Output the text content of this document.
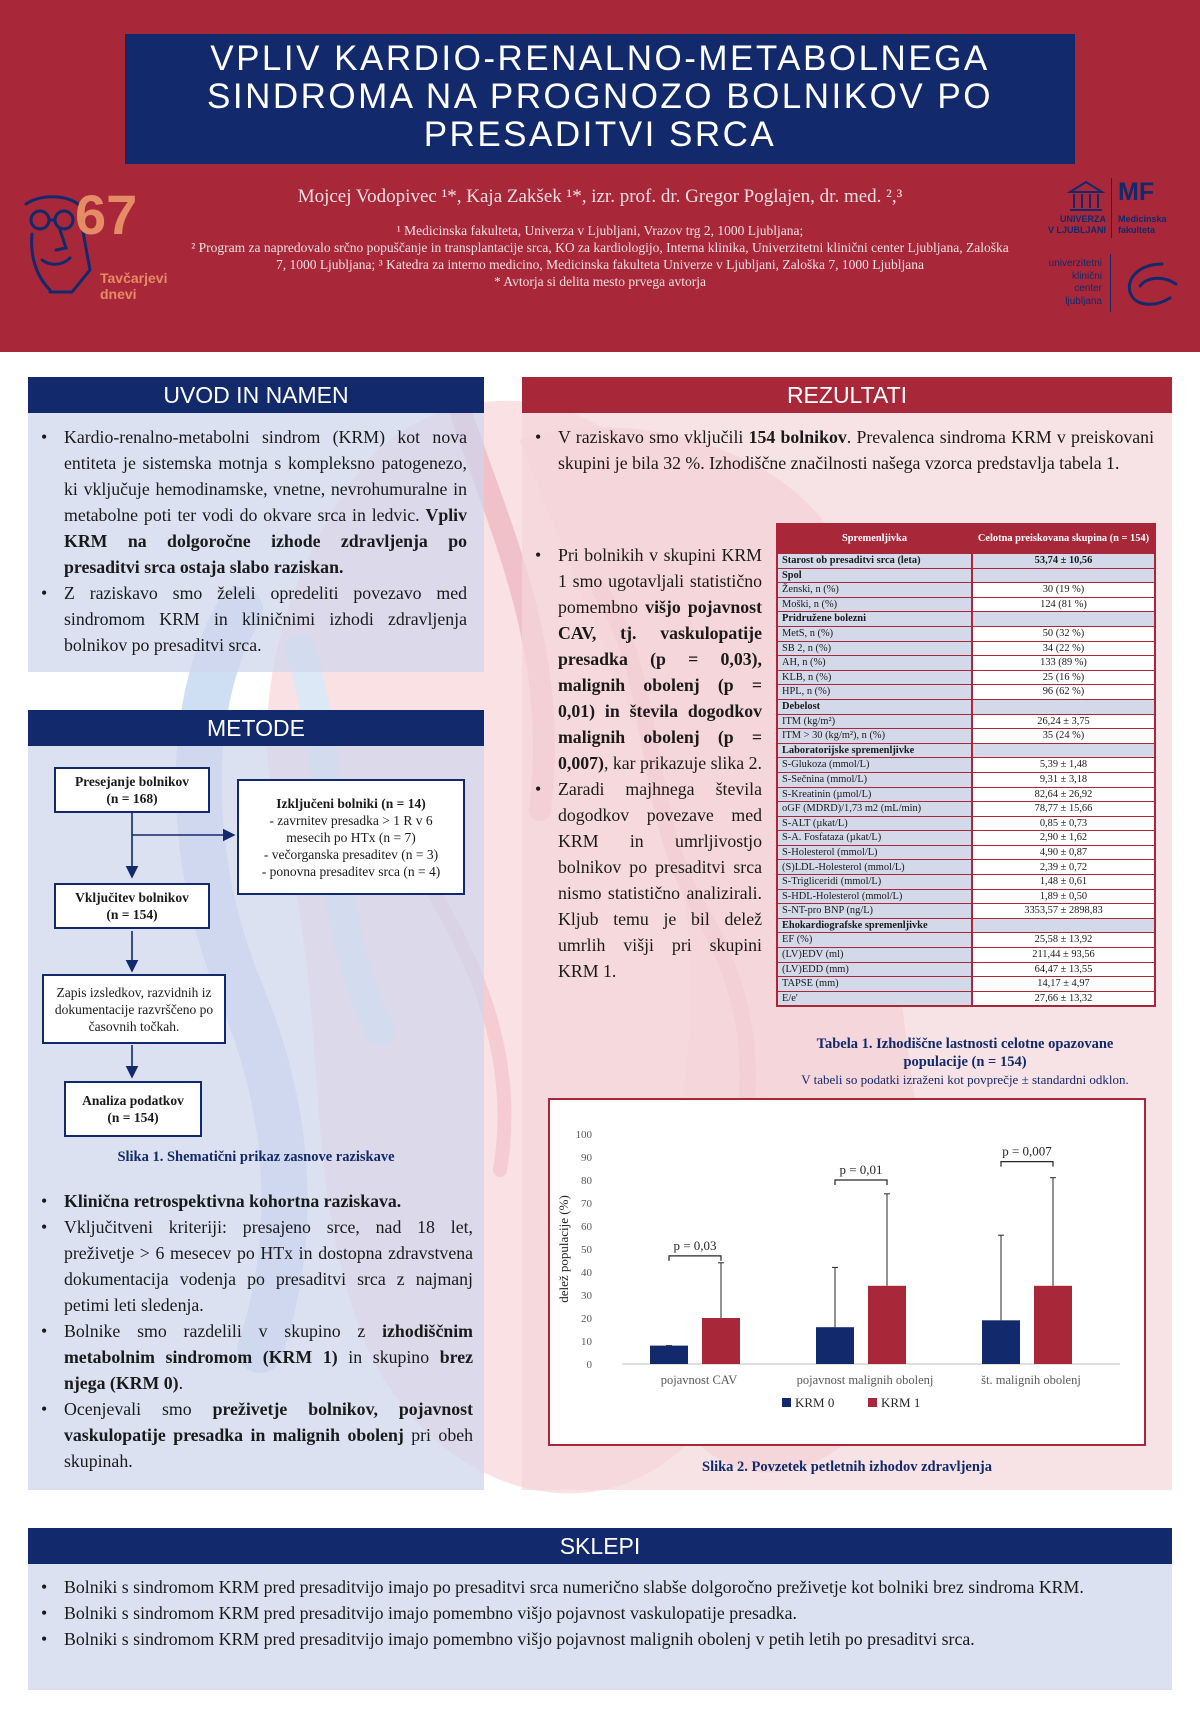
VPLIV KARDIO-RENALNO-METABOLNEGA
SINDROMA NA PROGNOZO BOLNIKOV PO
PRESADITVI SRCA
67
Tavčarjevi
dnevi
Mojcej Vodopivec ¹*, Kaja Zakšek ¹*, izr. prof. dr. Gregor Poglajen, dr. med. ²,³
¹ Medicinska fakulteta, Univerza v Ljubljani, Vrazov trg 2, 1000 Ljubljana;
² Program za napredovalo srčno popuščanje in transplantacije srca, KO za kardiologijo, Interna klinika, Univerzitetni klinični center Ljubljana, Zaloška 7, 1000 Ljubljana; ³ Katedra za interno medicino, Medicinska fakulteta Univerze v Ljubljani, Zaloška 7, 1000 Ljubljana
* Avtorja si delita mesto prvega avtorja
UNIVERZA
V LJUBLJANI
MF
Medicinska
fakulteta
univerzitetni
klinični
center
ljubljana
UVOD IN NAMEN
• Kardio-renalno-metabolni sindrom (KRM) kot nova entiteta je sistemska motnja s kompleksno patogenezo, ki vključuje hemodinamske, vnetne, nevrohumuralne in metabolne poti ter vodi do okvare srca in ledvic. Vpliv KRM na dolgoročne izhode zdravljenja po presaditvi srca ostaja slabo raziskan.
• Z raziskavo smo želeli opredeliti povezavo med sindromom KRM in kliničnimi izhodi zdravljenja bolnikov po presaditvi srca.
METODE
Presejanje bolnikov
(n = 168)	Izključeni bolniki (n = 14)

- zavrnitev presadka > 1 R v 6
mesecih po HTx (n = 7)
- večorganska presaditev (n = 3)
- ponovna presaditev srca (n = 4)
Vključitev bolnikov
(n = 154)
Zapis izsledkov, razvidnih iz
dokumentacije razvrščeno po
časovnih točkah.
Analiza podatkov
(n = 154)
Slika 1. Shematični prikaz zasnove raziskave
• Klinična retrospektivna kohortna raziskava.
• Vključitveni kriteriji: presajeno srce, nad 18 let, preživetje > 6 mesecev po HTx in dostopna zdravstvena dokumentacija vodenja po presaditvi srca z najmanj petimi leti sledenja.
• Bolnike smo razdelili v skupino z izhodiščnim metabolnim sindromom (KRM 1) in skupino brez njega (KRM 0).
• Ocenjevali smo preživetje bolnikov, pojavnost vaskulopatije presadka in malignih obolenj pri obeh skupinah.
REZULTATI
• V raziskavo smo vključili 154 bolnikov. Prevalenca sindroma KRM v preiskovani skupini je bila 32 %. Izhodiščne značilnosti našega vzorca predstavlja tabela 1.
• Pri bolnikih v skupini KRM 1 smo ugotavljali statistično pomembno višjo pojavnost CAV, tj. vaskulopatije presadka (p = 0,03), malignih obolenj (p = 0,01) in števila dogodkov malignih obolenj (p = 0,007), kar prikazuje slika 2.
• Zaradi majhnega števila dogodkov povezave med KRM in umrljivostjo bolnikov po presaditvi srca nismo statistično analizirali. Kljub temu je bil delež umrlih višji pri skupini KRM 1.
Spremenljivka	Celotna preiskovana skupina (n = 154)
Starost ob presaditvi srca (leta)	53,74 ± 10,56
Spol	
Ženski, n (%)	30 (19 %)
Moški, n (%)	124 (81 %)
Pridružene bolezni	
MetS, n (%)	50 (32 %)
SB 2, n (%)	34 (22 %)
AH, n (%)	133 (89 %)
KLB, n (%)	25 (16 %)
HPL, n (%)	96 (62 %)
Debelost	
ITM (kg/m²)	26,24 ± 3,75
ITM > 30 (kg/m²), n (%)	35 (24 %)
Laboratorijske spremenljivke	
S-Glukoza (mmol/L)	5,39 ± 1,48
S-Sečnina (mmol/L)	9,31 ± 3,18
S-Kreatinin (µmol/L)	82,64 ± 26,92
oGF (MDRD)/1,73 m2 (mL/min)	78,77 ± 15,66
S-ALT (µkat/L)	0,85 ± 0,73
S-A. Fosfataza (µkat/L)	2,90 ± 1,62
S-Holesterol (mmol/L)	4,90 ± 0,87
(S)LDL-Holesterol (mmol/L)	2,39 ± 0,72
S-Trigliceridi (mmol/L)	1,48 ± 0,61
S-HDL-Holesterol (mmol/L)	1,89 ± 0,50
S-NT-pro BNP (ng/L)	3353,57 ± 2898,83
Ehokardiografske spremenljivke	
EF (%)	25,58 ± 13,92
(LV)EDV (ml)	211,44 ± 93,56
(LV)EDD (mm)	64,47 ± 13,55
TAPSE (mm)	14,17 ± 4,97
E/e'	27,66 ± 13,32
Tabela 1. Izhodiščne lastnosti celotne opazovane
populacije (n = 154)
V tabeli so podatki izraženi kot povprečje ± standardni odklon.
0
10
20
30
40
50
60
70
80
90
100
delež populacije (%)	p = 0,03
pojavnost CAV
p = 0,01
pojavnost malignih obolenj
p = 0,007
št. malignih obolenj
KRM 0	KRM 1
Slika 2. Povzetek petletnih izhodov zdravljenja
SKLEPI
• Bolniki s sindromom KRM pred presaditvijo imajo po presaditvi srca numerično slabše dolgoročno preživetje kot bolniki brez sindroma KRM.
• Bolniki s sindromom KRM pred presaditvijo imajo pomembno višjo pojavnost vaskulopatije presadka.
• Bolniki s sindromom KRM pred presaditvijo imajo pomembno višjo pojavnost malignih obolenj v petih letih po presaditvi srca.
